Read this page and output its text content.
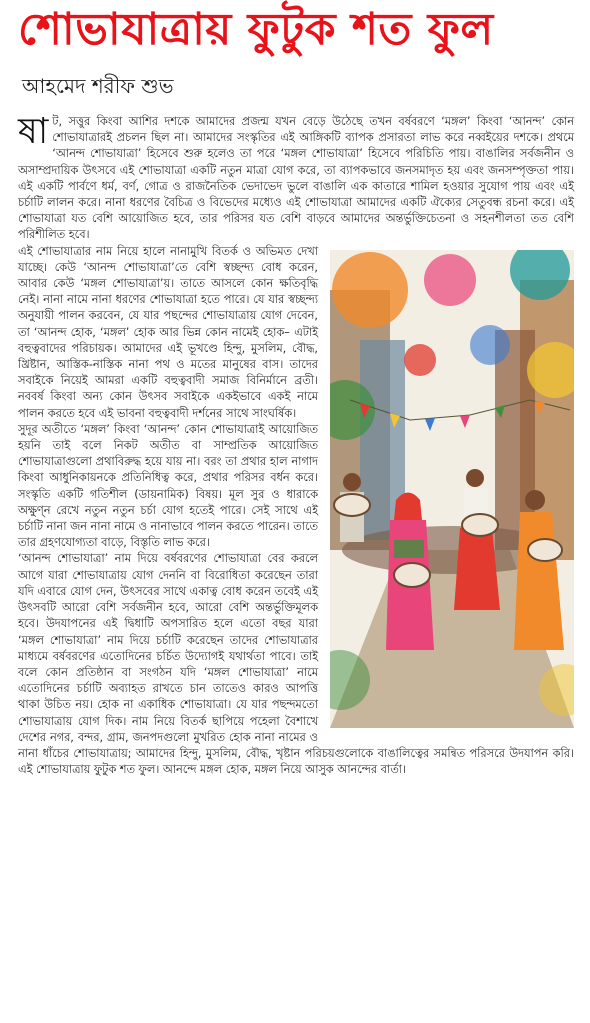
শোভাযাত্রায় ফুটুক শত ফুল
আহমেদ শরীফ শুভ

ষাট, সত্তুর কিংবা আশির দশকে আমাদের প্রজন্ম যখন বেড়ে উঠেছে তখন বর্ষবরণে ‘মঙ্গল’ কিংবা ‘আনন্দ’ কোন শোভাযাত্রারই প্রচলন ছিল না। আমাদের সংস্কৃতির এই আঙ্গিকটি ব্যাপক প্রসারতা লাভ করে নব্বইয়ের দশকে। প্রথমে ‘আনন্দ শোভাযাত্রা’ হিসেবে শুরু হলেও তা পরে ‘মঙ্গল শোভাযাত্রা’ হিসেবে পরিচিতি পায়। বাঙালির সর্বজনীন ও অসাম্প্রদায়িক উৎসবে এই শোভাযাত্রা একটি নতুন মাত্রা যোগ করে, তা ব্যাপকভাবে জনসমাদৃত হয় এবং জনসম্পৃক্ততা পায়। এই একটি পার্বণে ধর্ম, বর্ণ, গোত্র ও রাজনৈতিক ভেদাভেদ ভুলে বাঙালি এক কাতারে শামিল হওয়ার সুযোগ পায় এবং এই চর্চাটি লালন করে। নানা ধরণের বৈচিত্র ও বিভেদের মধ্যেও এই শোভাযাত্রা আমাদের একটি ঐক্যের সেতুবন্ধ রচনা করে। এই শোভাযাত্রা যত বেশি আয়োজিত হবে, তার পরিসর যত বেশি বাড়বে আমাদের অন্তর্ভুক্তিচেতনা ও সহনশীলতা তত বেশি পরিশীলিত হবে।

এই শোভাযাত্রার নাম নিয়ে হালে নানামুখি বিতর্ক ও অভিমত দেখা যাচ্ছে। কেউ ‘আনন্দ শোভাযাত্রা’তে বেশি স্বচ্ছন্দ্য বোধ করেন, আবার কেউ ‘মঙ্গল শোভাযাত্রা’য়। তাতে আসলে কোন ক্ষতিবৃদ্ধি নেই। নানা নামে নানা ধরণের শোভাযাত্রা হতে পারে। যে যার স্বচ্ছন্দ্য অনুযায়ী পালন করবেন, যে যার পছন্দের শোভাযাত্রায় যোগ দেবেন, তা ‘আনন্দ হোক, ‘মঙ্গল’ হোক আর ভিন্ন কোন নামেই হোক– এটাই বহুত্ববাদের পরিচায়ক। আমাদের এই ভূখণ্ডে হিন্দু, মুসলিম, বৌদ্ধ, খ্রিষ্টান, আস্তিক-নাস্তিক নানা পথ ও মতের মানুষের বাস। তাদের সবাইকে নিয়েই আমরা একটি বহুত্ববাদী সমাজ বিনির্মানে ব্রতী। নববর্ষ কিংবা অন্য কোন উৎসব সবাইকে একইভাবে একই নামে পালন করতে হবে এই ভাবনা বহুত্ববাদী দর্শনের সাথে সাংঘর্ষিক।

সুদূর অতীতে ‘মঙ্গল’ কিংবা ‘আনন্দ’ কোন শোভাযাত্রাই আয়োজিত হয়নি তাই বলে নিকট অতীত বা সাম্প্রতিক আয়োজিত শোভাযাত্রাগুলো প্রথাবিরুদ্ধ হয়ে যায় না। বরং তা প্রথার হাল নাগাদ কিংবা আধুনিকায়নকে প্রতিনিধিত্ব করে, প্রথার পরিসর বর্ধন করে। সংস্কৃতি একটি গতিশীল (ডায়নামিক) বিষয়। মূল সুর ও ধারাকে অক্ষুণ্ন রেখে নতুন নতুন চর্চা যোগ হতেই পারে। সেই সাথে এই চর্চাটি নানা জন নানা নামে ও নানাভাবে পালন করতে পারেন। তাতে তার গ্রহণযোগ্যতা বাড়ে, বিস্তৃতি লাভ করে।

‘আনন্দ শোভাযাত্রা’ নাম দিয়ে বর্ষবরণের শোভাযাত্রা বের করলে আগে যারা শোভাযাত্রায় যোগ দেননি বা বিরোধিতা করেছেন তারা যদি এবারে যোগ দেন, উৎসবের সাথে একাত্ব বোধ করেন তবেই এই উৎসবটি আরো বেশি সর্বজনীন হবে, আরো বেশি অন্তর্ভুক্তিমূলক হবে। উদযাপনের এই দ্বিধাটি অপসারিত হলে এতো বছর যারা ‘মঙ্গল শোভাযাত্রা’ নাম দিয়ে চর্চাটি করেছেন তাদের শোভাযাত্রার মাধ্যমে বর্ষবরণের এতোদিনের চর্চিত উদ্যোগই যথার্থতা পাবে। তাই বলে কোন প্রতিষ্ঠান বা সংগঠন যদি ‘মঙ্গল শোভাযাত্রা’ নামে এতোদিনের চর্চাটি অব্যাহত রাখতে চান তাতেও কারও আপত্তি থাকা উচিত নয়। হোক না একাধিক শোভাযাত্রা। যে যার পছন্দমতো শোভাযাত্রায় যোগ দিক। নাম নিয়ে বিতর্ক ছাপিয়ে পহেলা বৈশাখে দেশের নগর, বন্দর, গ্রাম, জনপদগুলো মুখরিত হোক নানা নামের ও নানা ধাঁচের শোভাযাত্রায়; আমাদের হিন্দু, মুসলিম, বৌদ্ধ, খৃষ্টান পরিচয়গুলোকে বাঙালিত্বের সমন্বিত পরিসরে উদযাপন করি। এই শোভাযাত্রায় ফুটুক শত ফুল। আনন্দে মঙ্গল হোক, মঙ্গল নিয়ে আসুক আনন্দের বার্তা।
